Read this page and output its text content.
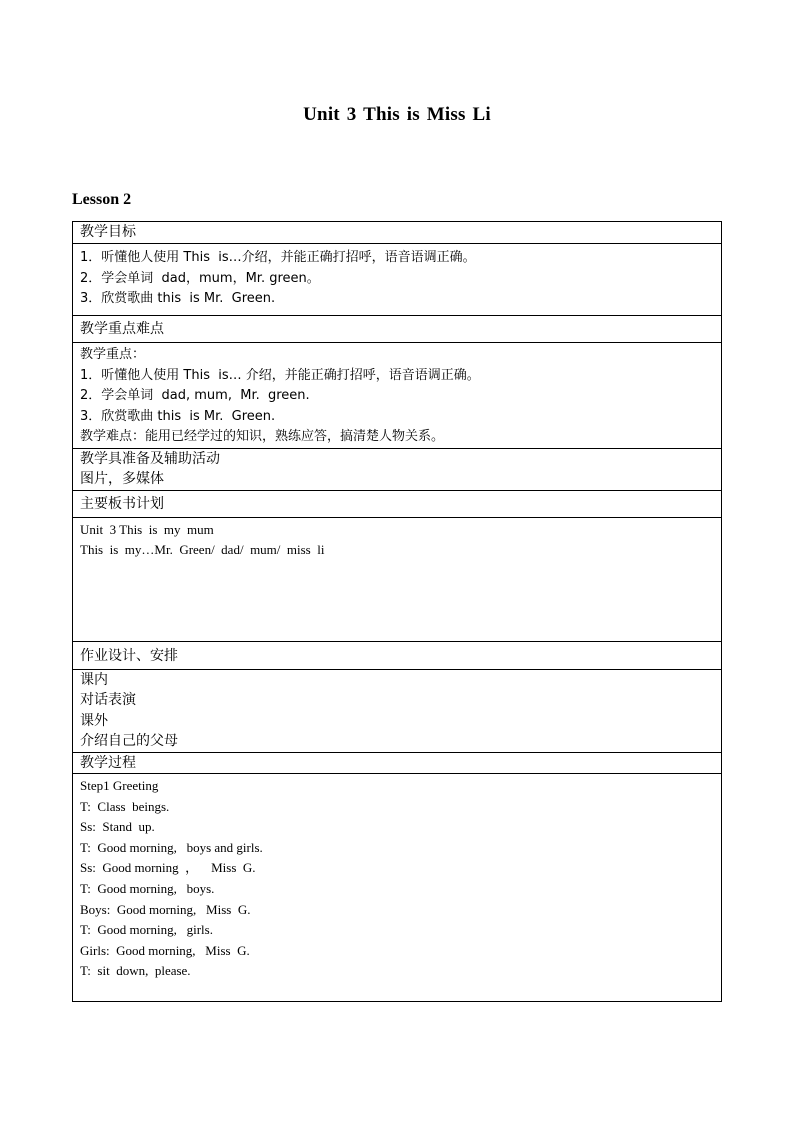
Unit 3 This is Miss Li
Lesson 2
教学目标

1．听懂他人使用 This  is…介绍，并能正确打招呼，语音语调正确。
2．学会单词  dad，mum，Mr. green。
3．欣赏歌曲 this  is Mr.  Green.

教学重点难点

教学重点：
1．听懂他人使用 This  is… 介绍，并能正确打招呼，语音语调正确。
2．学会单词  dad, mum,  Mr.  green.
3．欣赏歌曲 this  is Mr.  Green.
教学难点：能用已经学过的知识，熟练应答，搞清楚人物关系。

教学具准备及辅助活动
图片，多媒体

主要板书计划

Unit  3 This  is  my  mum
This  is  my…Mr.  Green/  dad/  mum/  miss  li

作业设计、安排

课内
对话表演
课外
介绍自己的父母

教学过程

Step1 Greeting
T:  Class  beings.
Ss:  Stand  up.
T:  Good morning,   boys and girls.
Ss:  Good morning  ，    Miss  G.
T:  Good morning,   boys.
Boys:  Good morning,   Miss  G.
T:  Good morning,   girls.
Girls:  Good morning,   Miss  G.
T:  sit  down,  please.
